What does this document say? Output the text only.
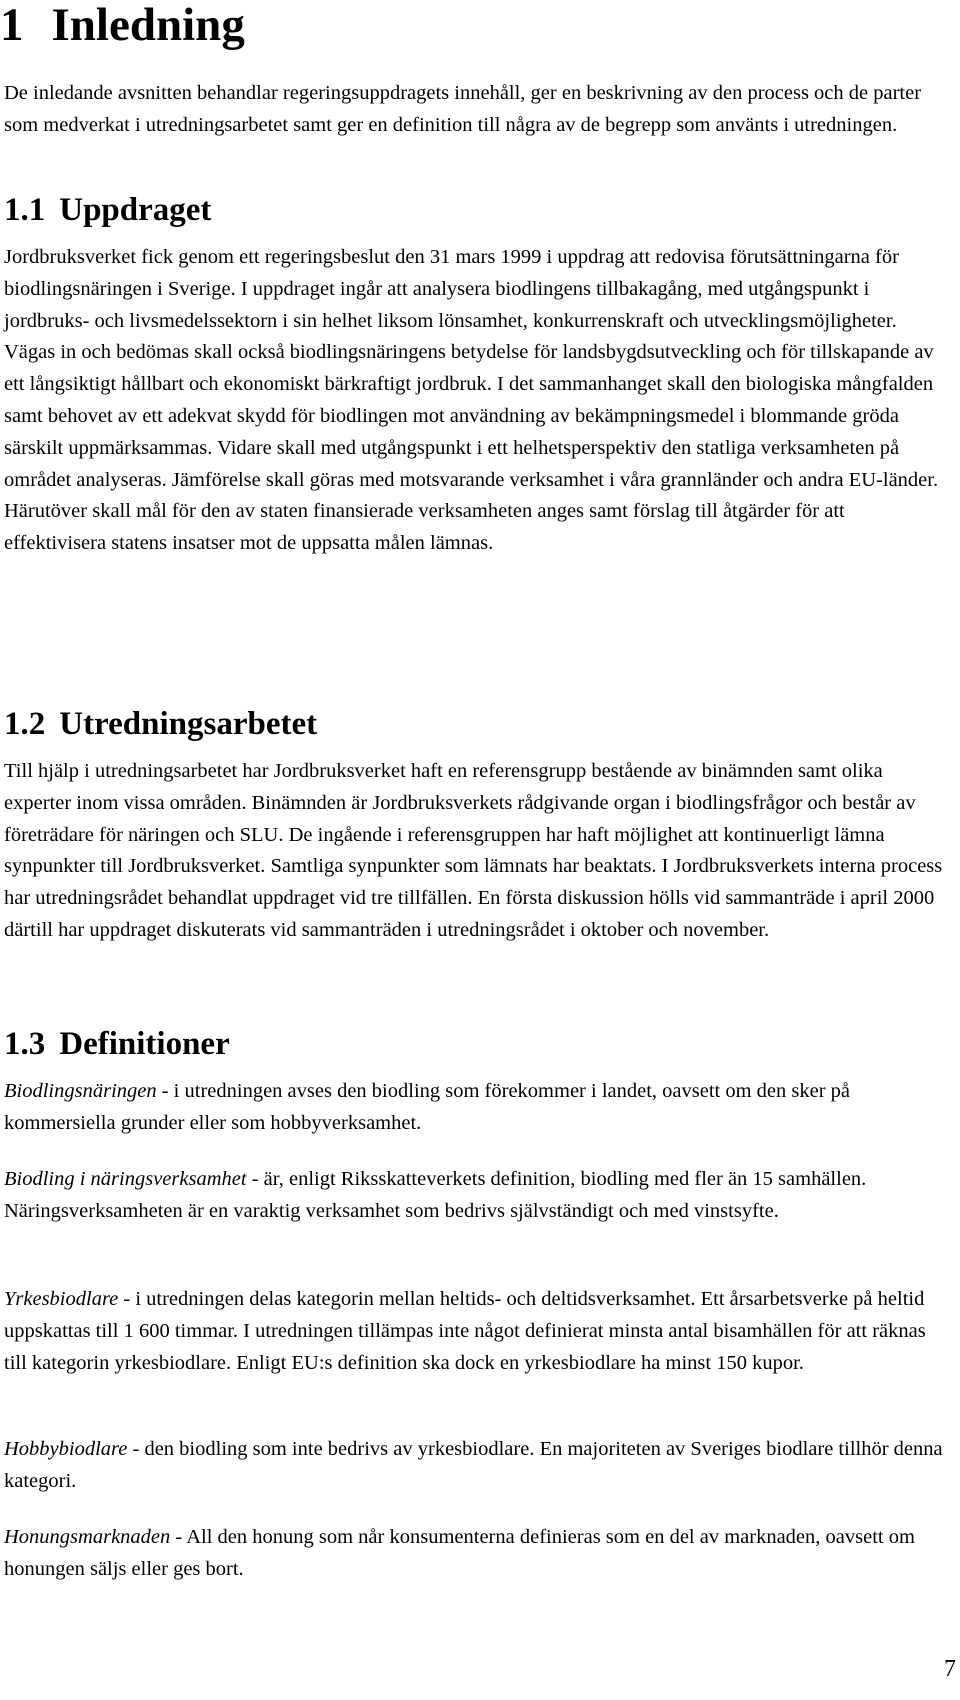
1 Inledning

De inledande avsnitten behandlar regeringsuppdragets innehåll, ger en beskrivning av den process och de parter som medverkat i utredningsarbetet samt ger en definition till några av de begrepp som använts i utredningen.

1.1 Uppdraget

Jordbruksverket fick genom ett regeringsbeslut den 31 mars 1999 i uppdrag att redovisa förutsättningarna för biodlingsnäringen i Sverige. I uppdraget ingår att analysera biodlingens tillbakagång, med utgångspunkt i jordbruks- och livsmedelssektorn i sin helhet liksom lönsamhet, konkurrenskraft och utvecklingsmöjligheter. Vägas in och bedömas skall också biodlingsnäringens betydelse för landsbygdsutveckling och för tillskapande av ett långsiktigt hållbart och ekonomiskt bärkraftigt jordbruk. I det sammanhanget skall den biologiska mångfalden samt behovet av ett adekvat skydd för biodlingen mot användning av bekämpningsmedel i blommande gröda särskilt uppmärksammas. Vidare skall med utgångspunkt i ett helhetsperspektiv den statliga verksamheten på området analyseras. Jämförelse skall göras med motsvarande verksamhet i våra grannländer och andra EU-länder. Härutöver skall mål för den av staten finansierade verksamheten anges samt förslag till åtgärder för att effektivisera statens insatser mot de uppsatta målen lämnas.

1.2 Utredningsarbetet

Till hjälp i utredningsarbetet har Jordbruksverket haft en referensgrupp bestående av binämnden samt olika experter inom vissa områden. Binämnden är Jordbruksverkets rådgivande organ i biodlingsfrågor och består av företrädare för näringen och SLU. De ingående i referensgruppen har haft möjlighet att kontinuerligt lämna synpunkter till Jordbruksverket. Samtliga synpunkter som lämnats har beaktats. I Jordbruksverkets interna process har utredningsrådet behandlat uppdraget vid tre tillfällen. En första diskussion hölls vid sammanträde i april 2000 därtill har uppdraget diskuterats vid sammanträden i utredningsrådet i oktober och november.

1.3 Definitioner

Biodlingsnäringen - i utredningen avses den biodling som förekommer i landet, oavsett om den sker på kommersiella grunder eller som hobbyverksamhet.

Biodling i näringsverksamhet - är, enligt Riksskatteverkets definition, biodling med fler än 15 samhällen. Näringsverksamheten är en varaktig verksamhet som bedrivs självständigt och med vinstsyfte.

Yrkesbiodlare - i utredningen delas kategorin mellan heltids- och deltidsverksamhet. Ett årsarbetsverke på heltid uppskattas till 1 600 timmar. I utredningen tillämpas inte något definierat minsta antal bisamhällen för att räknas till kategorin yrkesbiodlare. Enligt EU:s definition ska dock en yrkesbiodlare ha minst 150 kupor.

Hobbybiodlare - den biodling som inte bedrivs av yrkesbiodlare. En majoriteten av Sveriges biodlare tillhör denna kategori.

Honungsmarknaden - All den honung som når konsumenterna definieras som en del av marknaden, oavsett om honungen säljs eller ges bort.

7
